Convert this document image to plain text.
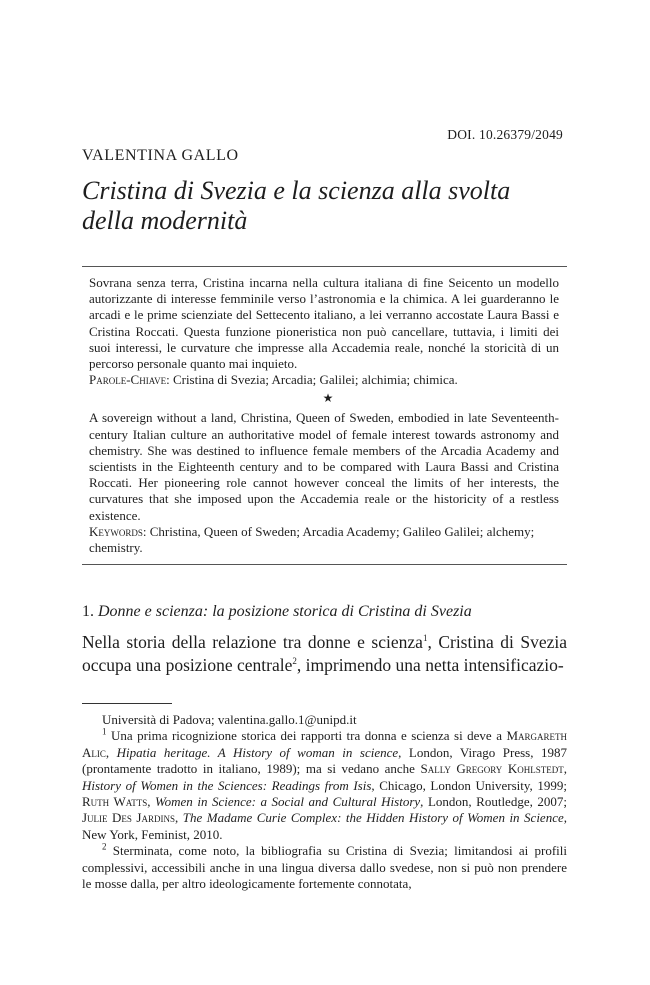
DOI. 10.26379/2049
VALENTINA GALLO
Cristina di Svezia e la scienza alla svolta
della modernità

Sovrana senza terra, Cristina incarna nella cultura italiana di fine Seicento un modello autorizzante di interesse femminile verso l’astronomia e la chimica. A lei guarderanno le arcadi e le prime scienziate del Settecento italiano, a lei verranno accostate Laura Bassi e Cristina Roccati. Questa funzione pioneristica non può cancellare, tuttavia, i limiti dei suoi interessi, le curvature che impresse alla Accademia reale, nonché la storicità di un percorso personale quanto mai inquieto.

Parole-Chiave: Cristina di Svezia; Arcadia; Galilei; alchimia; chimica.
★

A sovereign without a land, Christina, Queen of Sweden, embodied in late Seventeenth-century Italian culture an authoritative model of female interest towards astronomy and chemistry. She was destined to influence female members of the Arcadia Academy and scientists in the Eighteenth century and to be compared with Laura Bassi and Cristina Roccati. Her pioneering role cannot however conceal the limits of her interests, the curvatures that she imposed upon the Accademia reale or the historicity of a restless existence.

Keywords: Christina, Queen of Sweden; Arcadia Academy; Galileo Galilei; alchemy; chemistry.
1. Donne e scienza: la posizione storica di Cristina di Svezia

Nella storia della relazione tra donne e scienza$^1$, Cristina di Svezia occupa una posizione centrale$^2$, imprimendo una netta intensificazio-

Università di Padova; valentina.gallo.1@unipd.it

$^1$ Una prima ricognizione storica dei rapporti tra donna e scienza si deve a Margareth Alic, Hipatia heritage. A History of woman in science, London, Virago Press, 1987 (prontamente tradotto in italiano, 1989); ma si vedano anche Sally Gregory Kohlstedt, History of Women in the Sciences: Readings from Isis, Chicago, London University, 1999; Ruth Watts, Women in Science: a Social and Cultural History, London, Routledge, 2007; Julie Des Jardins, The Madame Curie Complex: the Hidden History of Women in Science, New York, Feminist, 2010.

$^2$ Sterminata, come noto, la bibliografia su Cristina di Svezia; limitandosi ai profili complessivi, accessibili anche in una lingua diversa dallo svedese, non si può non prendere le mosse dalla, per altro ideologicamente fortemente connotata,
